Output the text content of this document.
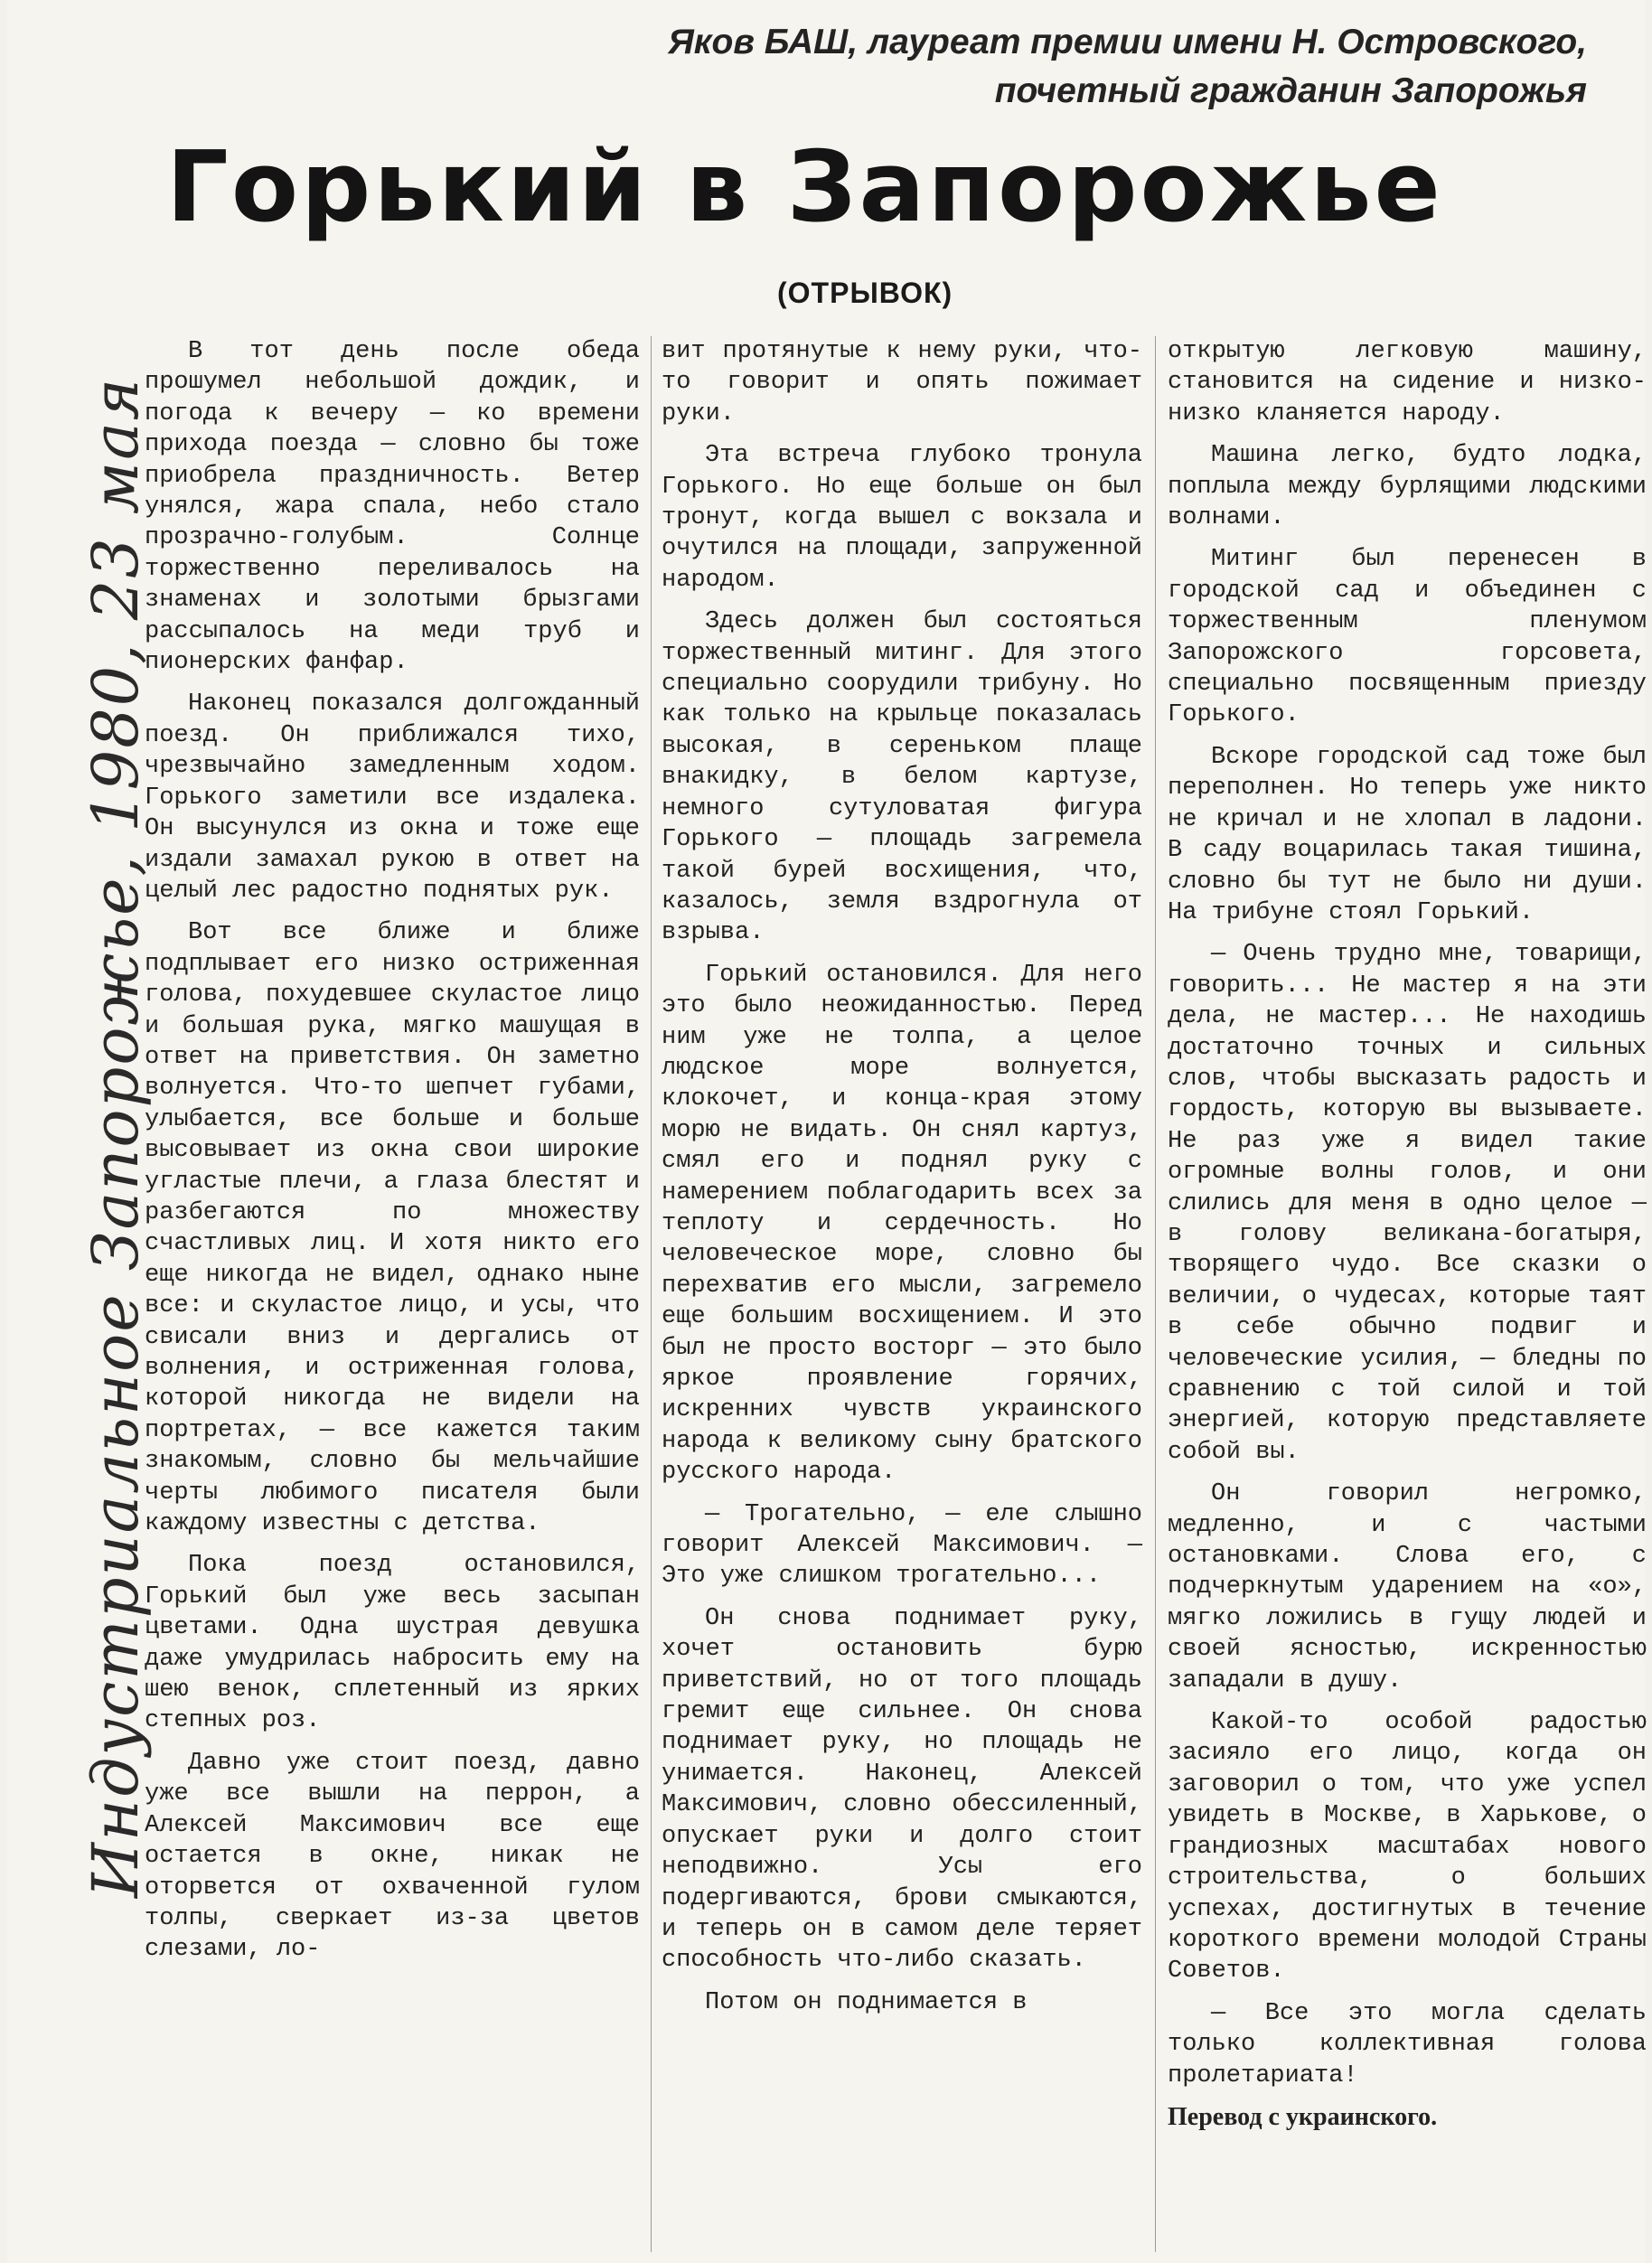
Яков БАШ, лауреат премии имени Н. Островского,
почетный гражданин Запорожья
Горький в Запорожье
(ОТРЫВОК)
Индустриальное Запорожье, 1980, 23 мая

В тот день после обеда прошумел небольшой дождик, и погода к вечеру — ко времени прихода поезда — словно бы тоже приобрела праздничность. Ветер унялся, жара спала, небо стало прозрачно-голубым. Солнце торжественно переливалось на знаменах и золотыми брызгами рассыпалось на меди труб и пионерских фанфар.

Наконец показался долгожданный поезд. Он приближался тихо, чрезвычайно замедленным ходом. Горького заметили все издалека. Он высунулся из окна и тоже еще издали замахал рукою в ответ на целый лес радостно поднятых рук.

Вот все ближе и ближе подплывает его низко остриженная голова, похудевшее скуластое лицо и большая рука, мягко машущая в ответ на приветствия. Он заметно волнуется. Что-то шепчет губами, улыбается, все больше и больше высовывает из окна свои широкие угластые плечи, а глаза блестят и разбегаются по множеству счастливых лиц. И хотя никто его еще никогда не видел, однако ныне все: и скуластое лицо, и усы, что свисали вниз и дергались от волнения, и остриженная голова, которой никогда не видели на портретах, — все кажется таким знакомым, словно бы мельчайшие черты любимого писателя были каждому известны с детства.

Пока поезд остановился, Горький был уже весь засыпан цветами. Одна шустрая девушка даже умудрилась набросить ему на шею венок, сплетенный из ярких степных роз.

Давно уже стоит поезд, давно уже все вышли на перрон, а Алексей Максимович все еще остается в окне, никак не оторвется от охваченной гулом толпы, сверкает из-за цветов слезами, ло-

вит протянутые к нему руки, что-то говорит и опять пожимает руки.

Эта встреча глубоко тронула Горького. Но еще больше он был тронут, когда вышел с вокзала и очутился на площади, запруженной народом.

Здесь должен был состояться торжественный митинг. Для этого специально соорудили трибуну. Но как только на крыльце показалась высокая, в сереньком плаще внакидку, в белом картузе, немного сутуловатая фигура Горького — площадь загремела такой бурей восхищения, что, казалось, земля вздрогнула от взрыва.

Горький остановился. Для него это было неожиданностью. Перед ним уже не толпа, а целое людское море волнуется, клокочет, и конца-края этому морю не видать. Он снял картуз, смял его и поднял руку с намерением поблагодарить всех за теплоту и сердечность. Но человеческое море, словно бы перехватив его мысли, загремело еще большим восхищением. И это был не просто восторг — это было яркое проявление горячих, искренних чувств украинского народа к великому сыну братского русского народа.

— Трогательно, — еле слышно говорит Алексей Максимович. — Это уже слишком трогательно...

Он снова поднимает руку, хочет остановить бурю приветствий, но от того площадь гремит еще сильнее. Он снова поднимает руку, но площадь не унимается. Наконец, Алексей Максимович, словно обессиленный, опускает руки и долго стоит неподвижно. Усы его подергиваются, брови смыкаются, и теперь он в самом деле теряет способность что-либо сказать.

Потом он поднимается в

открытую легковую машину, становится на сидение и низко-низко кланяется народу.

Машина легко, будто лодка, поплыла между бурлящими людскими волнами.

Митинг был перенесен в городской сад и объединен с торжественным пленумом Запорожского горсовета, специально посвященным приезду Горького.

Вскоре городской сад тоже был переполнен. Но теперь уже никто не кричал и не хлопал в ладони. В саду воцарилась такая тишина, словно бы тут не было ни души. На трибуне стоял Горький.

— Очень трудно мне, товарищи, говорить... Не мастер я на эти дела, не мастер... Не находишь достаточно точных и сильных слов, чтобы высказать радость и гордость, которую вы вызываете. Не раз уже я видел такие огромные волны голов, и они слились для меня в одно целое — в голову великана-богатыря, творящего чудо. Все сказки о величии, о чудесах, которые таят в себе обычно подвиг и человеческие усилия, — бледны по сравнению с той силой и той энергией, которую представляете собой вы.

Он говорил негромко, медленно, и с частыми остановками. Слова его, с подчеркнутым ударением на «о», мягко ложились в гущу людей и своей ясностью, искренностью западали в душу.

Какой-то особой радостью засияло его лицо, когда он заговорил о том, что уже успел увидеть в Москве, в Харькове, о грандиозных масштабах нового строительства, о больших успехах, достигнутых в течение короткого времени молодой Страны Советов.

— Все это могла сделать только коллективная голова пролетариата!

Перевод с украинского.
